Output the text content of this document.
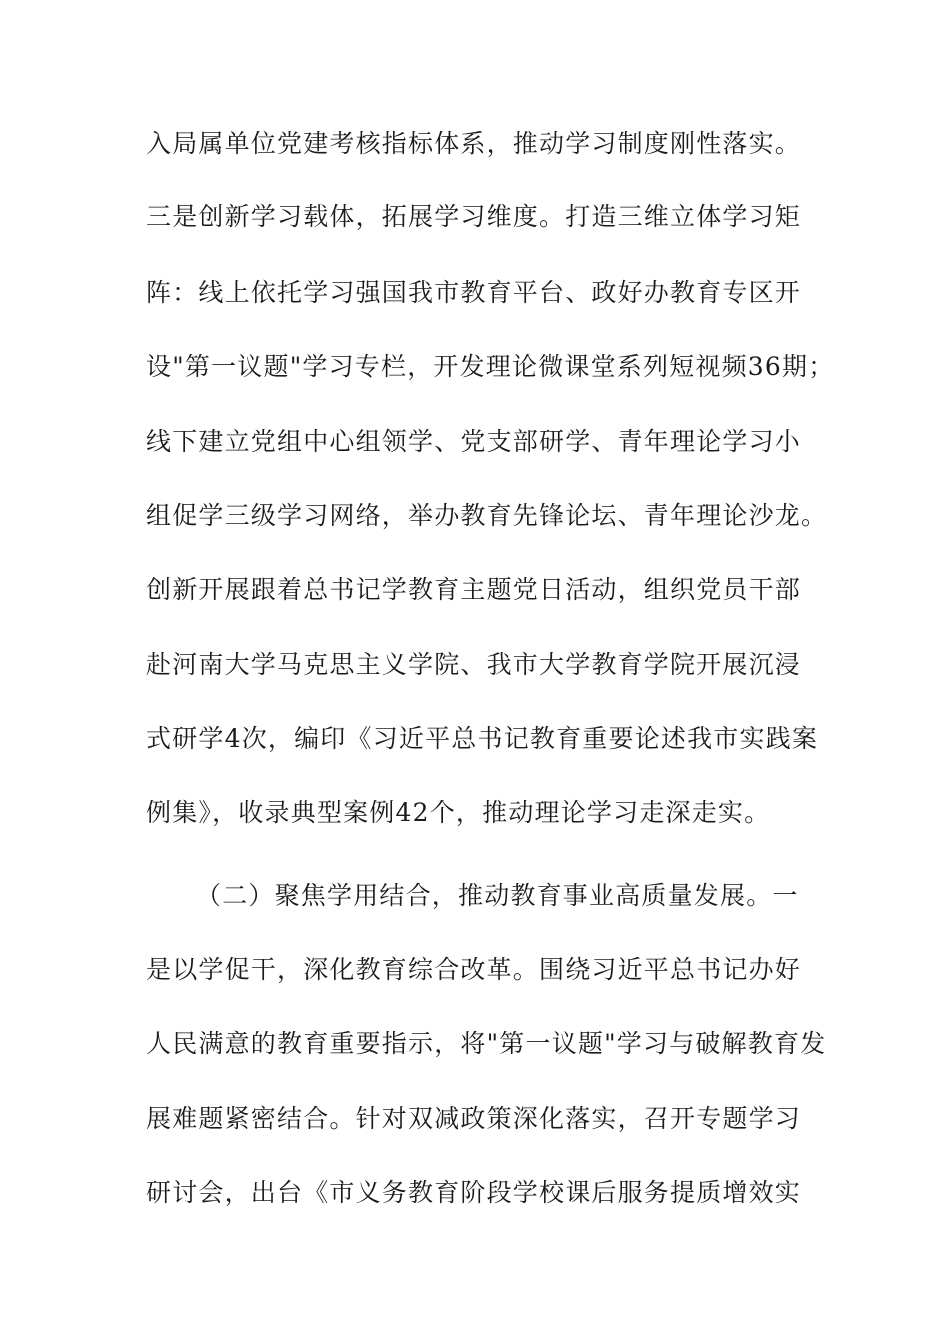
入局属单位党建考核指标体系，推动学习制度刚性落实。
三是创新学习载体，拓展学习维度。打造三维立体学习矩
阵：线上依托学习强国我市教育平台、政好办教育专区开
设"第一议题"学习专栏，开发理论微课堂系列短视频36期；
线下建立党组中心组领学、党支部研学、青年理论学习小
组促学三级学习网络，举办教育先锋论坛、青年理论沙龙。
创新开展跟着总书记学教育主题党日活动，组织党员干部
赴河南大学马克思主义学院、我市大学教育学院开展沉浸
式研学4次，编印《习近平总书记教育重要论述我市实践案
例集》，收录典型案例42个，推动理论学习走深走实。
（二）聚焦学用结合，推动教育事业高质量发展。一
是以学促干，深化教育综合改革。围绕习近平总书记办好
人民满意的教育重要指示，将"第一议题"学习与破解教育发
展难题紧密结合。针对双减政策深化落实，召开专题学习
研讨会，出台《市义务教育阶段学校课后服务提质增效实
